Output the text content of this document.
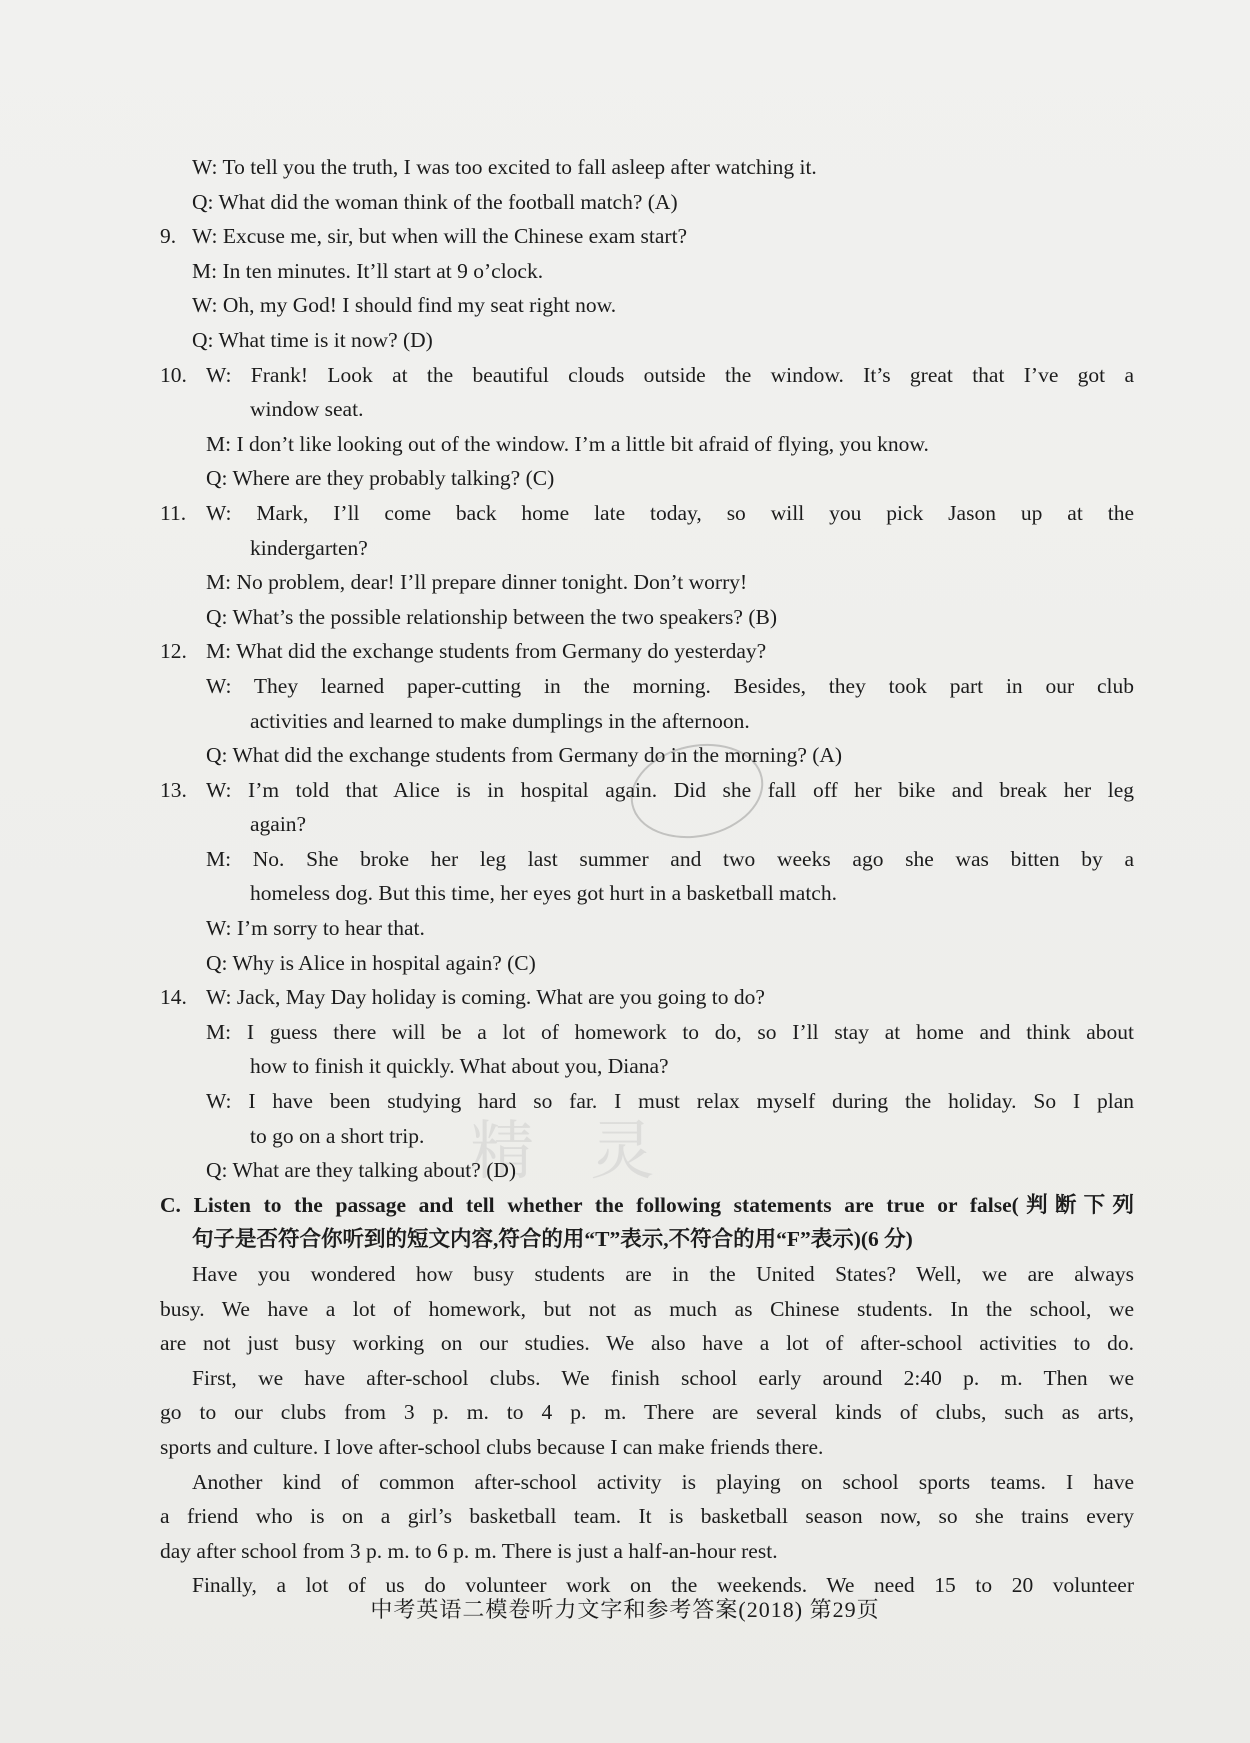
精 灵
W: To tell you the truth, I was too excited to fall asleep after watching it.
Q: What did the woman think of the football match? (A)
9. W: Excuse me, sir, but when will the Chinese exam start?
M: In ten minutes. It’ll start at 9 o’clock.
W: Oh, my God! I should find my seat right now.
Q: What time is it now? (D)
10. W: Frank! Look at the beautiful clouds outside the window. It’s great that I’ve got a
window seat.
M: I don’t like looking out of the window. I’m a little bit afraid of flying, you know.
Q: Where are they probably talking? (C)
11. W: Mark, I’ll come back home late today, so will you pick Jason up at the
kindergarten?
M: No problem, dear! I’ll prepare dinner tonight. Don’t worry!
Q: What’s the possible relationship between the two speakers? (B)
12. M: What did the exchange students from Germany do yesterday?
W: They learned paper-cutting in the morning. Besides, they took part in our club
activities and learned to make dumplings in the afternoon.
Q: What did the exchange students from Germany do in the morning? (A)
13. W: I’m told that Alice is in hospital again. Did she fall off her bike and break her leg
again?
M: No. She broke her leg last summer and two weeks ago she was bitten by a
homeless dog. But this time, her eyes got hurt in a basketball match.
W: I’m sorry to hear that.
Q: Why is Alice in hospital again? (C)
14. W: Jack, May Day holiday is coming. What are you going to do?
M: I guess there will be a lot of homework to do, so I’ll stay at home and think about
how to finish it quickly. What about you, Diana?
W: I have been studying hard so far. I must relax myself during the holiday. So I plan
to go on a short trip.
Q: What are they talking about? (D)
C. Listen to the passage and tell whether the following statements are true or false(判断下列
句子是否符合你听到的短文内容,符合的用“T”表示,不符合的用“F”表示)(6 分)
Have you wondered how busy students are in the United States? Well, we are always
busy. We have a lot of homework, but not as much as Chinese students. In the school, we
are not just busy working on our studies. We also have a lot of after-school activities to do.
First, we have after-school clubs. We finish school early around 2:40 p. m. Then we
go to our clubs from 3 p. m. to 4 p. m. There are several kinds of clubs, such as arts,
sports and culture. I love after-school clubs because I can make friends there.
Another kind of common after-school activity is playing on school sports teams. I have
a friend who is on a girl’s basketball team. It is basketball season now, so she trains every
day after school from 3 p. m. to 6 p. m. There is just a half-an-hour rest.
Finally, a lot of us do volunteer work on the weekends. We need 15 to 20 volunteer
中考英语二模卷听力文字和参考答案(2018) 第29页
